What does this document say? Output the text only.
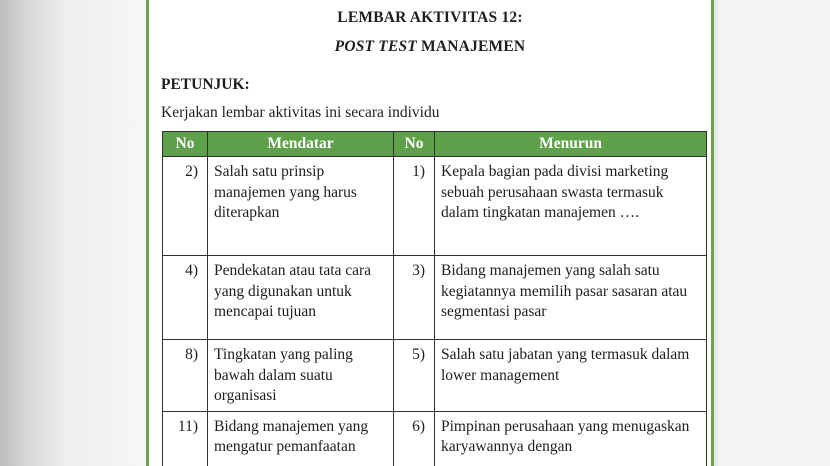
LEMBAR AKTIVITAS 12:
POST TEST MANAJEMEN
PETUNJUK:
Kerjakan lembar aktivitas ini secara individu
No	Mendatar	No	Menurun
2)	Salah satu prinsip manajemen yang harus diterapkan	1)	Kepala bagian pada divisi marketing sebuah perusahaan swasta termasuk dalam tingkatan manajemen ….
4)	Pendekatan atau tata cara yang digunakan untuk mencapai tujuan	3)	Bidang manajemen yang salah satu kegiatannya memilih pasar sasaran atau segmentasi pasar
8)	Tingkatan yang paling bawah dalam suatu organisasi	5)	Salah satu jabatan yang termasuk dalam lower management
11)	Bidang manajemen yang mengatur pemanfaatan	6)	Pimpinan perusahaan yang menugaskan karyawannya dengan
